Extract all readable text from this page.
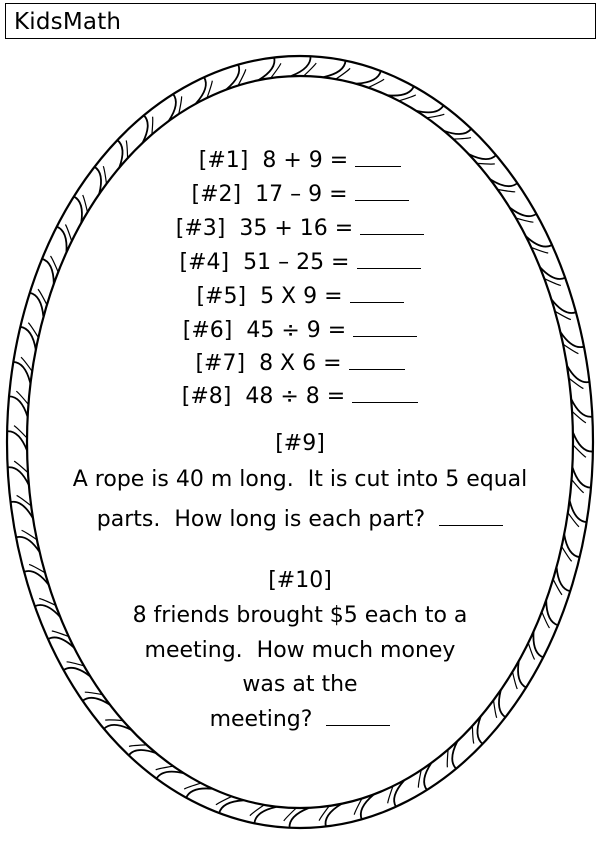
KidsMath
[#1] 8 + 9 =
[#2] 17 – 9 =
[#3] 35 + 16 =
[#4] 51 – 25 =
[#5] 5 X 9 =
[#6] 45 ÷ 9 =
[#7] 8 X 6 =
[#8] 48 ÷ 8 =
[#9]
A rope is 40 m long.  It is cut into 5 equal
parts.  How long is each part?
[#10]
8 friends brought $5 each to a
meeting.  How much money
was at the
meeting?
